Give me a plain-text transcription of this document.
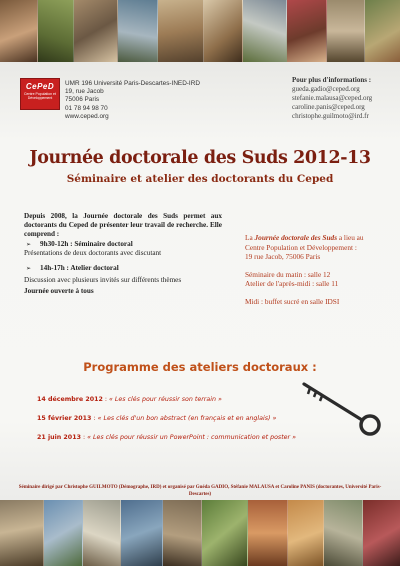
CePeD
Centre Population et Développement
UMR 196 Université Paris-Descartes-INED-IRD
19, rue Jacob
75006 Paris
01 78 94 98 70
www.ceped.org
Pour plus d'informations :
gueda.gadio@ceped.org
stefanie.malausa@ceped.org
caroline.panis@ceped.org
christophe.guilmoto@ird.fr
Journée doctorale des Suds 2012-13
Séminaire et atelier des doctorants du Ceped

Depuis 2008, la Journée doctorale des Suds permet aux doctorants du Ceped de présenter leur travail de recherche. Elle comprend :

➢	9h30-12h : Séminaire doctoral

Présentations de deux doctorants avec discutant

➢	14h-17h : Atelier doctoral

Discussion avec plusieurs invités sur différents thèmes

Journée ouverte à tous

La Journée doctorale des Suds a lieu au
Centre Population et Développement :
19 rue Jacob, 75006 Paris
Séminaire du matin : salle 12
Atelier de l'après-midi : salle 11
Midi : buffet sucré en salle IDSI
Programme des ateliers doctoraux :
14 décembre 2012 : « Les clés pour réussir son terrain »
15 février 2013 : « Les clés d'un bon abstract (en français et en anglais) »
21 juin 2013 : « Les clés pour réussir un PowerPoint : communication et poster »
Séminaire dirigé par Christophe GUILMOTO (Démographe, IRD) et organisé par Guéda GADIO, Stéfanie MALAUSA et Caroline PANIS (doctorantes, Université Paris-Descartes)
